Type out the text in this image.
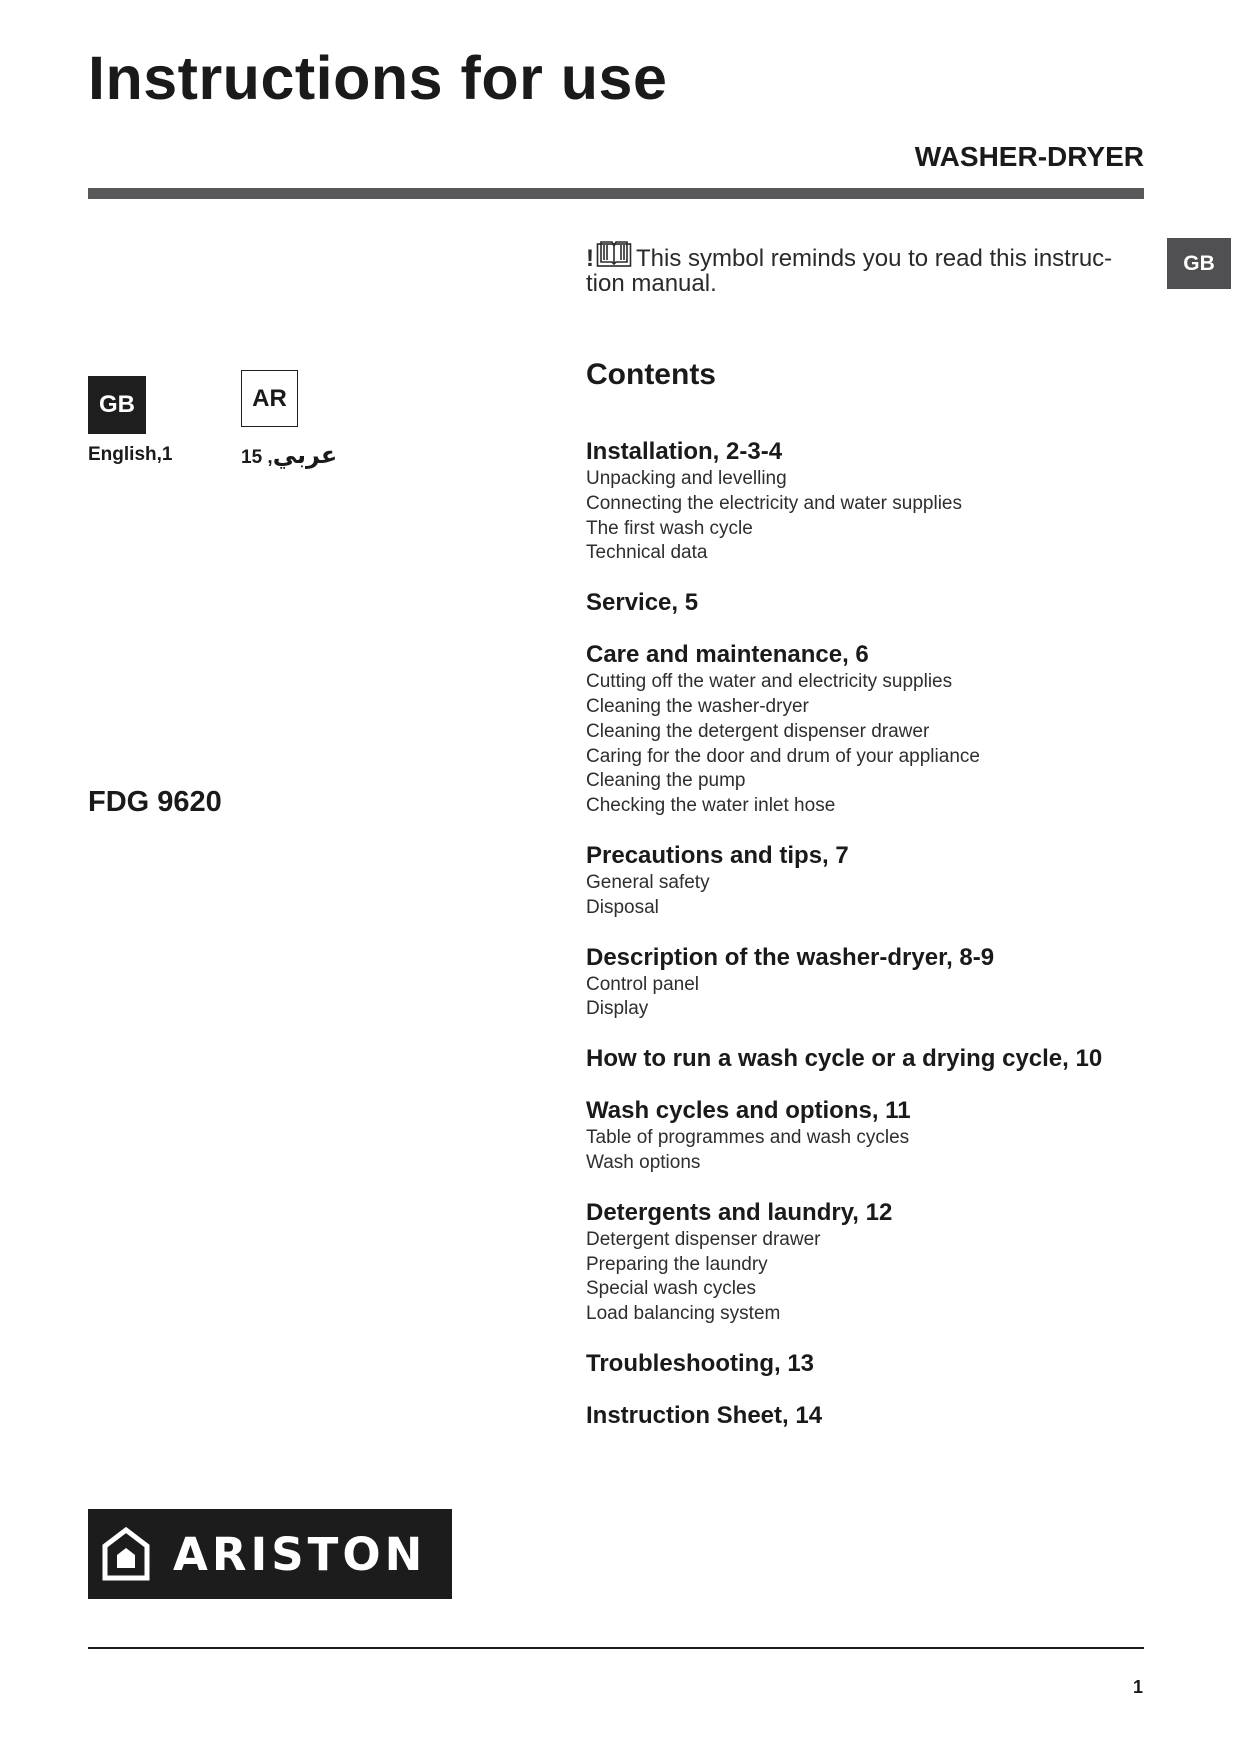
Instructions for use
WASHER-DRYER
GB
GB	AR
English,1	عربي, 15
FDG 9620
! This symbol reminds you to read this instruc-tion manual.
Contents
Installation, 2-3-4
Unpacking and levelling
Connecting the electricity and water supplies
The first wash cycle
Technical data
Service, 5
Care and maintenance, 6
Cutting off the water and electricity supplies
Cleaning the washer-dryer
Cleaning the detergent dispenser drawer
Caring for the door and drum of your appliance
Cleaning the pump
Checking the water inlet hose
Precautions and tips, 7
General safety
Disposal
Description of the washer-dryer, 8-9
Control panel
Display
How to run a wash cycle or a drying cycle, 10
Wash cycles and options, 11
Table of programmes and wash cycles
Wash options
Detergents and laundry, 12
Detergent dispenser drawer
Preparing the laundry
Special wash cycles
Load balancing system
Troubleshooting, 13
Instruction Sheet, 14
ARISTON
1
